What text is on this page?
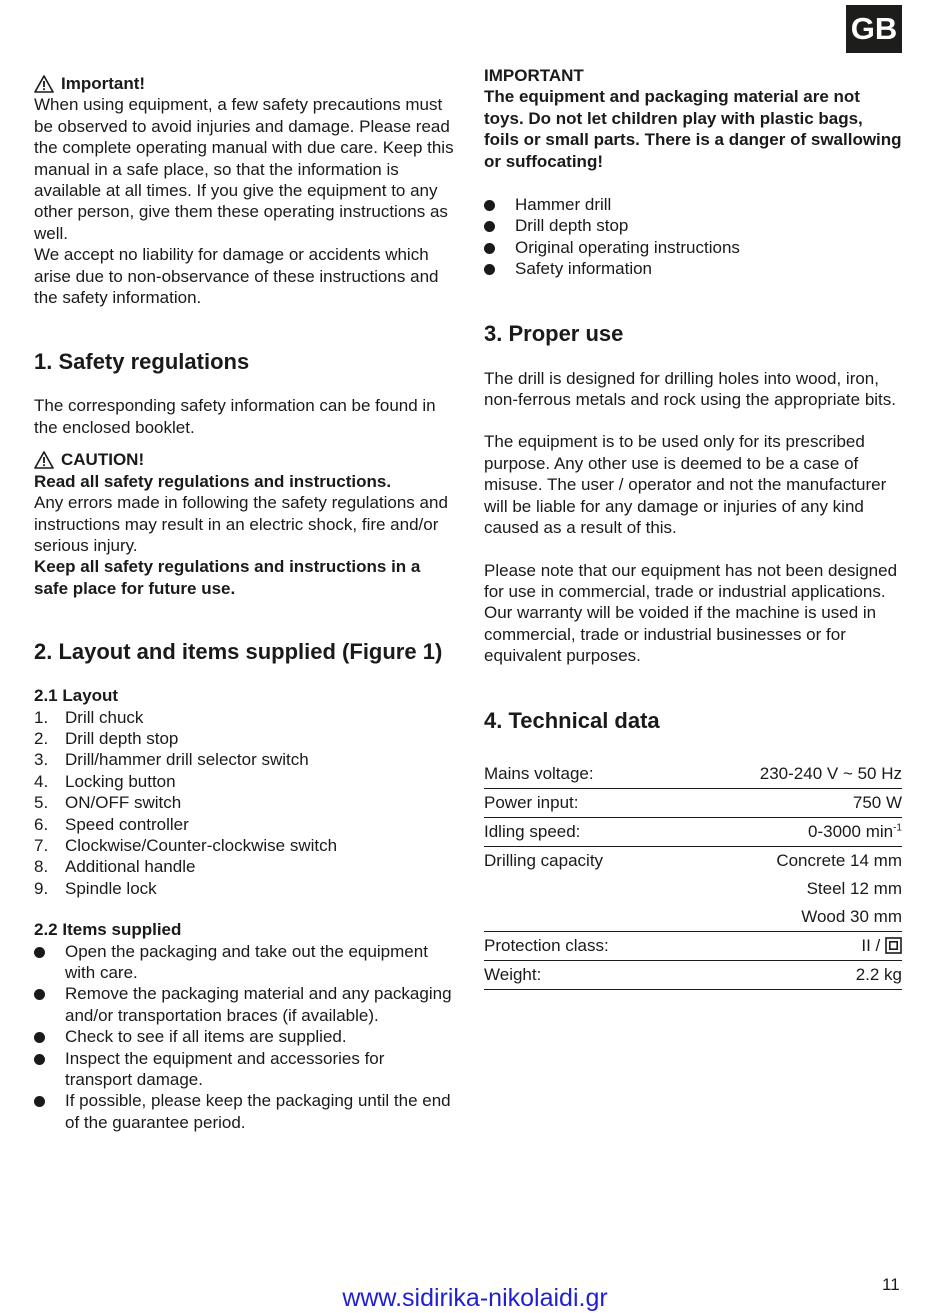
GB
Important!

When using equipment, a few safety precautions must be observed to avoid injuries and damage. Please read the complete operating manual with due care. Keep this manual in a safe place, so that the information is available at all times. If you give the equipment to any other person, give them these operating instructions as well.

We accept no liability for damage or accidents which arise due to non-observance of these instructions and the safety information.

1. Safety regulations

The corresponding safety information can be found in the enclosed booklet.

CAUTION!

Read all safety regulations and instructions.

Any errors made in following the safety regulations and instructions may result in an electric shock, fire and/or serious injury.

Keep all safety regulations and instructions in a safe place for future use.

2. Layout and items supplied (Figure 1)

2.1 Layout

1. Drill chuck
2. Drill depth stop
3. Drill/hammer drill selector switch
4. Locking button
5. ON/OFF switch
6. Speed controller
7. Clockwise/Counter-clockwise switch
8. Additional handle
9. Spindle lock

2.2 Items supplied

Open the packaging and take out the equipment with care.
Remove the packaging material and any packaging and/or transportation braces (if available).
Check to see if all items are supplied.
Inspect the equipment and accessories for transport damage.
If possible, please keep the packaging until the end of the guarantee period.

IMPORTANT

The equipment and packaging material are not toys. Do not let children play with plastic bags, foils or small parts. There is a danger of swallowing or suffocating!

Hammer drill
Drill depth stop
Original operating instructions
Safety information
3. Proper use

The drill is designed for drilling holes into wood, iron, non-ferrous metals and rock using the appropriate bits.

The equipment is to be used only for its prescribed purpose. Any other use is deemed to be a case of misuse. The user / operator and not the manufacturer will be liable for any damage or injuries of any kind caused as a result of this.

Please note that our equipment has not been designed for use in commercial, trade or industrial applications. Our warranty will be voided if the machine is used in commercial, trade or industrial businesses or for equivalent purposes.

4. Technical data
Mains voltage:	230-240 V ~ 50 Hz
Power input:	750 W
Idling speed:	0-3000 $\min^{-1}$
Drilling capacity	Concrete 14 mm
	Steel 12 mm
	Wood 30 mm
Protection class:	II /
Weight:	2.2 kg
11
www.sidirika-nikolaidi.gr
